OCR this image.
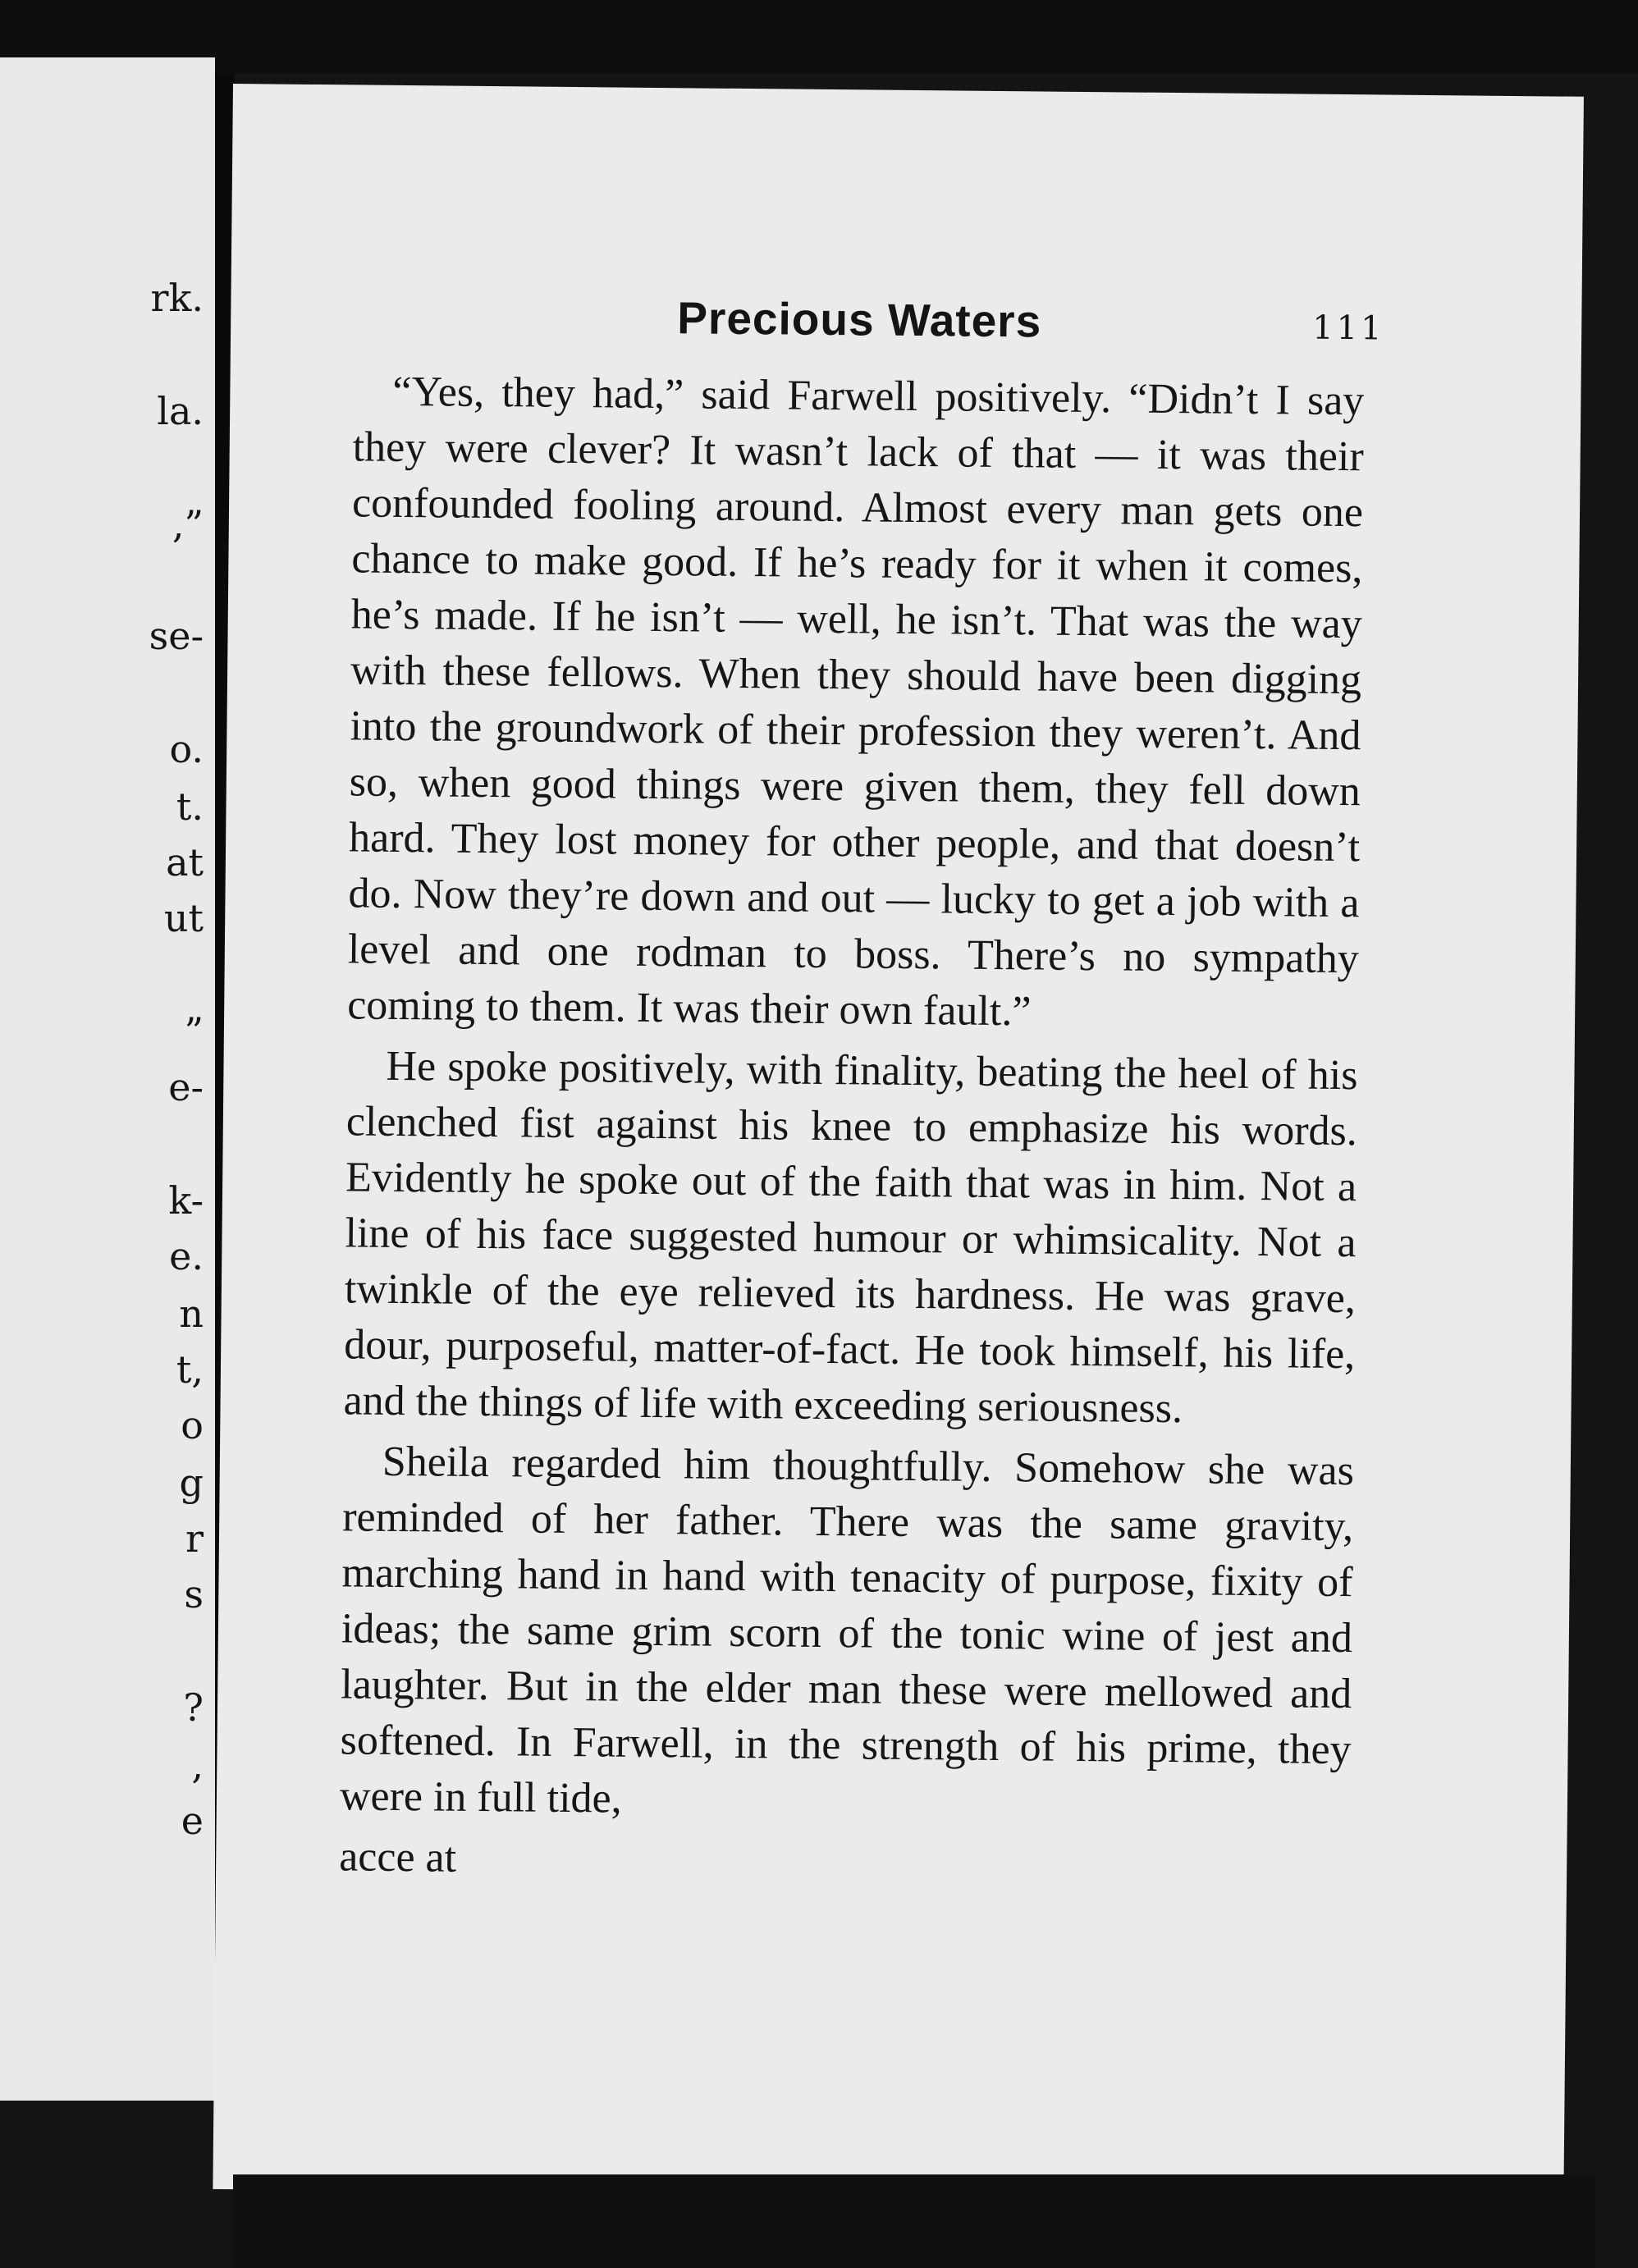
rk.
la.
,”
se-
o.
t.
at
ut
”
e-
k-
e.
n
t,
o
g
r
s
?
,
e
Precious Waters	111

“Yes, they had,” said Farwell positively. “Didn’t I say they were clever? It wasn’t lack of that — it was their confounded fooling around. Almost every man gets one chance to make good. If he’s ready for it when it comes, he’s made. If he isn’t — well, he isn’t. That was the way with these fellows. When they should have been digging into the groundwork of their profession they weren’t. And so, when good things were given them, they fell down hard. They lost money for other people, and that doesn’t do. Now they’re down and out — lucky to get a job with a level and one rodman to boss. There’s no sympathy coming to them. It was their own fault.”

He spoke positively, with finality, beating the heel of his clenched fist against his knee to emphasize his words. Evidently he spoke out of the faith that was in him. Not a line of his face suggested humour or whimsicality. Not a twinkle of the eye relieved its hardness. He was grave, dour, purposeful, matter-of-fact. He took himself, his life, and the things of life with exceeding seriousness.

Sheila regarded him thoughtfully. Somehow she was reminded of her father. There was the same gravity, marching hand in hand with tenacity of purpose, fixity of ideas; the same grim scorn of the tonic wine of jest and laughter. But in the elder man these were mellowed and softened. In Farwell, in the strength of his prime, they were in full tide,

acce at
